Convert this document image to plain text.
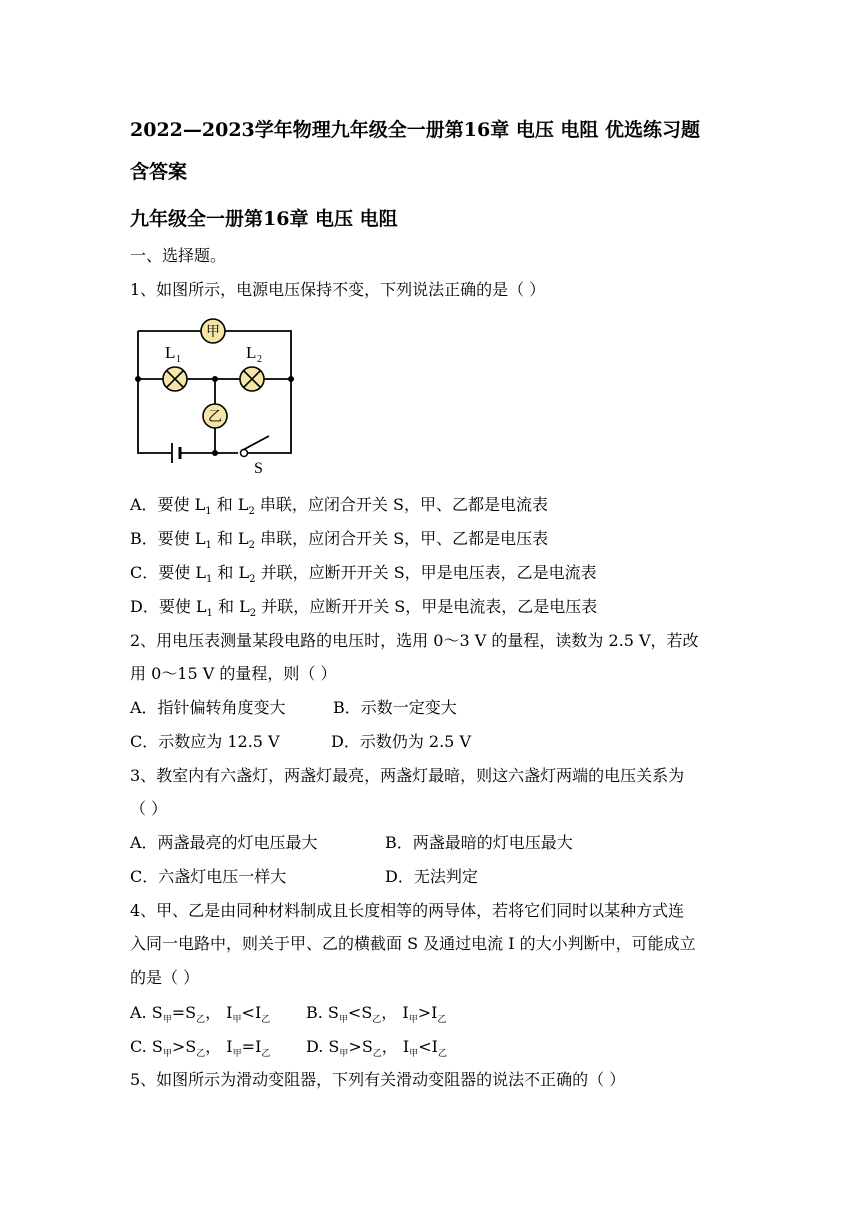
2022—2023学年物理九年级全一册第16章 电压 电阻 优选练习题
含答案
九年级全一册第16章 电压 电阻
一、选择题。
1、如图所示，电源电压保持不变，下列说法正确的是（ ）
甲
乙
L 1	L 2
S
A．要使 $L_1$ 和 $L_2$ 串联，应闭合开关 S，甲、乙都是电流表
B．要使 $L_1$ 和 $L_2$ 串联，应闭合开关 S，甲、乙都是电压表
C．要使 $L_1$ 和 $L_2$ 并联，应断开开关 S，甲是电压表，乙是电流表
D．要使 $L_1$ 和 $L_2$ 并联，应断开开关 S，甲是电流表，乙是电压表
2、用电压表测量某段电路的电压时，选用 0～3 V 的量程，读数为 2.5 V，若改
用 0～15 V 的量程，则（ ）
A．指针偏转角度变大	B．示数一定变大
C．示数应为 12.5 V	D．示数仍为 2.5 V
3、教室内有六盏灯，两盏灯最亮，两盏灯最暗，则这六盏灯两端的电压关系为
（ ）
A．两盏最亮的灯电压最大	B．两盏最暗的灯电压最大
C．六盏灯电压一样大	D．无法判定
4、甲、乙是由同种材料制成且长度相等的两导体，若将它们同时以某种方式连
入同一电路中，则关于甲、乙的横截面 S 及通过电流 I 的大小判断中，可能成立
的是（ ）
A. $S_甲=S_乙$， $I_甲<I_乙$ B. $S_甲<S_乙$， $I_甲>I_乙$
C. $S_甲>S_乙$， $I_甲=I_乙$ D. $S_甲>S_乙$， $I_甲<I_乙$
5、如图所示为滑动变阻器，下列有关滑动变阻器的说法不正确的（ ）
